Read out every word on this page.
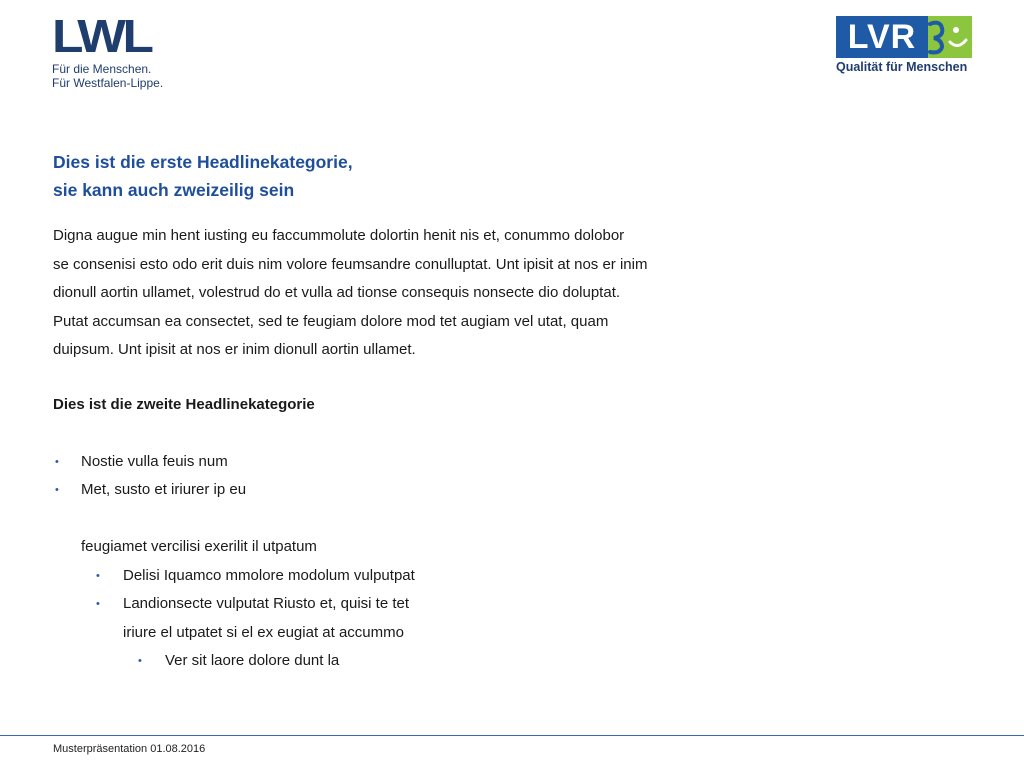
LWL
Für die Menschen.
Für Westfalen-Lippe.
LVR
Qualität für Menschen
Dies ist die erste Headlinekategorie,
sie kann auch zweizeilig sein
Digna augue min hent iusting eu faccummolute dolortin henit nis et, conummo dolobor
se consenisi esto odo erit duis nim volore feumsandre conulluptat. Unt ipisit at nos er inim
dionull aortin ullamet, volestrud do et vulla ad tionse consequis nonsecte dio doluptat.
Putat accumsan ea consectet, sed te feugiam dolore mod tet augiam vel utat, quam
duipsum. Unt ipisit at nos er inim dionull aortin ullamet.
Dies ist die zweite Headlinekategorie
• Nostie vulla feuis num
• Met, susto et iriurer ip eu
feugiamet vercilisi exerilit il utpatum
• Delisi Iquamco mmolore modolum vulputpat
• Landionsecte vulputat Riusto et, quisi te tet
iriure el utpatet si el ex eugiat at accummo
• Ver sit laore dolore dunt la
Musterpräsentation 01.08.2016
